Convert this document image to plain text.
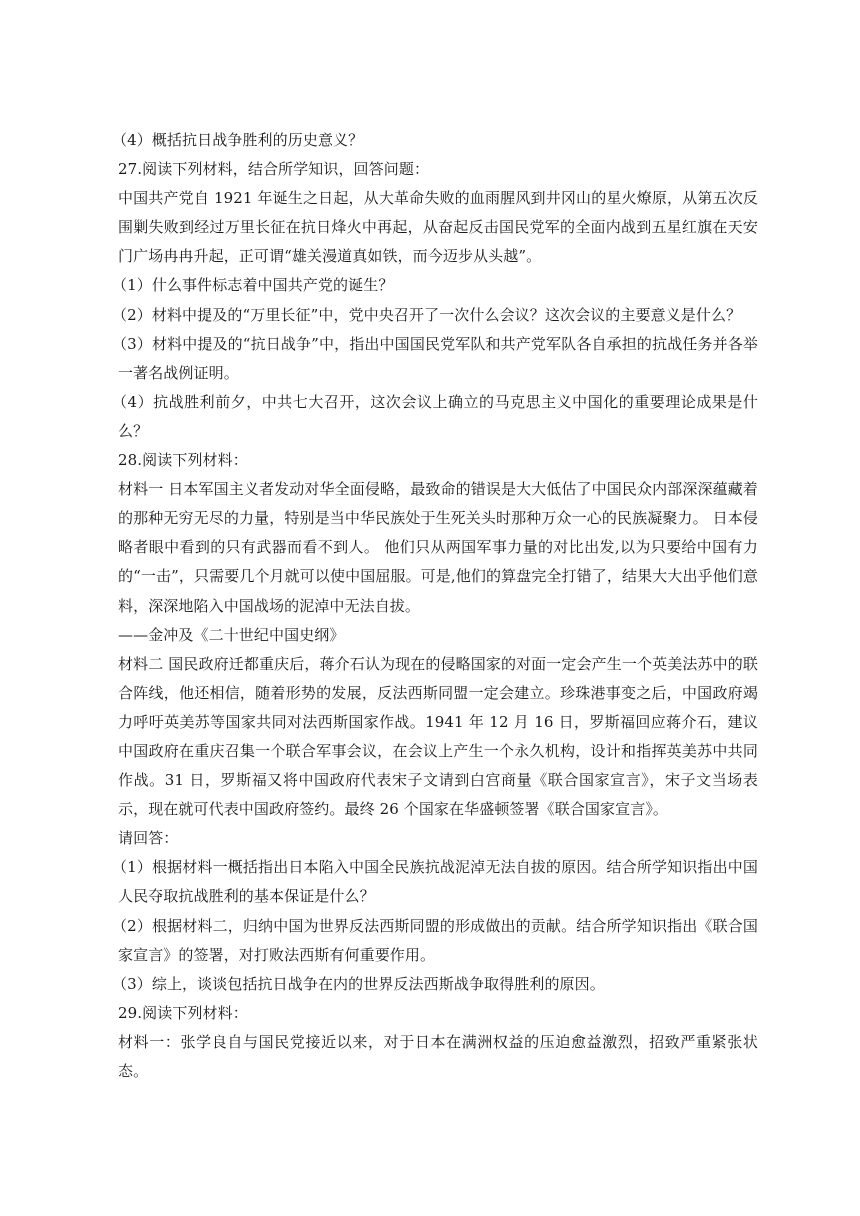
（4）概括抗日战争胜利的历史意义？

27.阅读下列材料，结合所学知识，回答问题：

中国共产党自 1921 年诞生之日起，从大革命失败的血雨腥风到井冈山的星火燎原，从第五次反围剿失败到经过万里长征在抗日烽火中再起，从奋起反击国民党军的全面内战到五星红旗在天安门广场冉冉升起，正可谓“雄关漫道真如铁，而今迈步从头越”。

（1）什么事件标志着中国共产党的诞生？

（2）材料中提及的“万里长征”中，党中央召开了一次什么会议？这次会议的主要意义是什么？

（3）材料中提及的“抗日战争”中，指出中国国民党军队和共产党军队各自承担的抗战任务并各举一著名战例证明。

（4）抗战胜利前夕，中共七大召开，这次会议上确立的马克思主义中国化的重要理论成果是什么？

28.阅读下列材料：

材料一 日本军国主义者发动对华全面侵略，最致命的错误是大大低估了中国民众内部深深蕴藏着的那种无穷无尽的力量，特别是当中华民族处于生死关头时那种万众一心的民族凝聚力。 日本侵略者眼中看到的只有武器而看不到人。 他们只从两国军事力量的对比出发,以为只要给中国有力的“一击”，只需要几个月就可以使中国屈服。可是,他们的算盘完全打错了，结果大大出乎他们意料，深深地陷入中国战场的泥淖中无法自拔。

——金冲及《二十世纪中国史纲》

材料二 国民政府迁都重庆后，蒋介石认为现在的侵略国家的对面一定会产生一个英美法苏中的联合阵线，他还相信，随着形势的发展，反法西斯同盟一定会建立。珍珠港事变之后，中国政府竭力呼吁英美苏等国家共同对法西斯国家作战。1941 年 12 月 16 日，罗斯福回应蒋介石，建议中国政府在重庆召集一个联合军事会议，在会议上产生一个永久机构，设计和指挥英美苏中共同作战。31 日，罗斯福又将中国政府代表宋子文请到白宫商量《联合国家宣言》，宋子文当场表示，现在就可代表中国政府签约。最终 26 个国家在华盛顿签署《联合国家宣言》。

请回答：

（1）根据材料一概括指出日本陷入中国全民族抗战泥淖无法自拔的原因。结合所学知识指出中国人民夺取抗战胜利的基本保证是什么？

（2）根据材料二，归纳中国为世界反法西斯同盟的形成做出的贡献。结合所学知识指出《联合国家宣言》的签署，对打败法西斯有何重要作用。

（3）综上，谈谈包括抗日战争在内的世界反法西斯战争取得胜利的原因。

29.阅读下列材料：

材料一：张学良自与国民党接近以来，对于日本在满洲权益的压迫愈益激烈，招致严重紧张状态。
